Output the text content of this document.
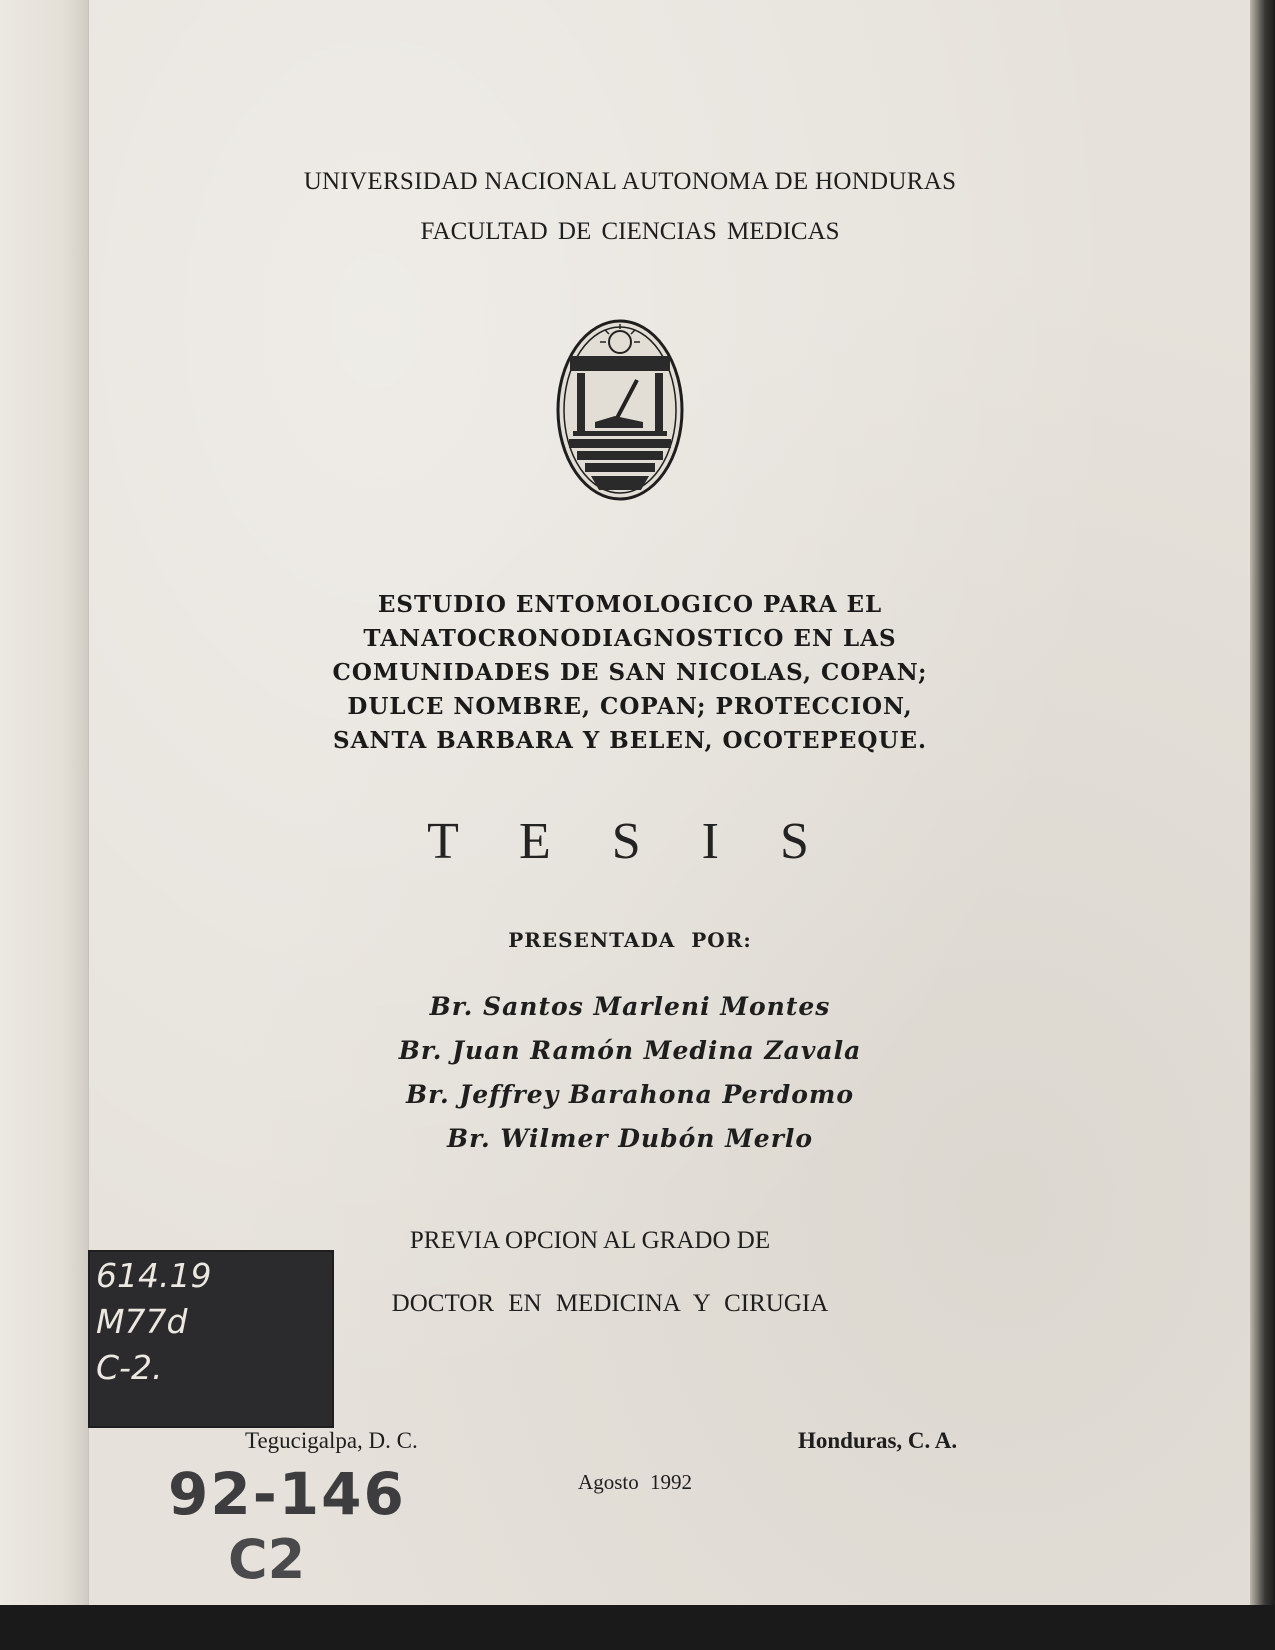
UNIVERSIDAD NACIONAL AUTONOMA DE HONDURAS
FACULTAD DE CIENCIAS MEDICAS
ESTUDIO ENTOMOLOGICO PARA EL
TANATOCRONODIAGNOSTICO EN LAS
COMUNIDADES DE SAN NICOLAS, COPAN;
DULCE NOMBRE, COPAN; PROTECCION,
SANTA BARBARA Y BELEN, OCOTEPEQUE.
T E S I S
PRESENTADA POR:
Br. Santos Marleni Montes
Br. Juan Ramón Medina Zavala
Br. Jeffrey Barahona Perdomo
Br. Wilmer Dubón Merlo
PREVIA OPCION AL GRADO DE
DOCTOR EN MEDICINA Y CIRUGIA
614.19
M77d
C-2.
Tegucigalpa, D. C.	Honduras, C. A.
Agosto 1992
92-146
C2
